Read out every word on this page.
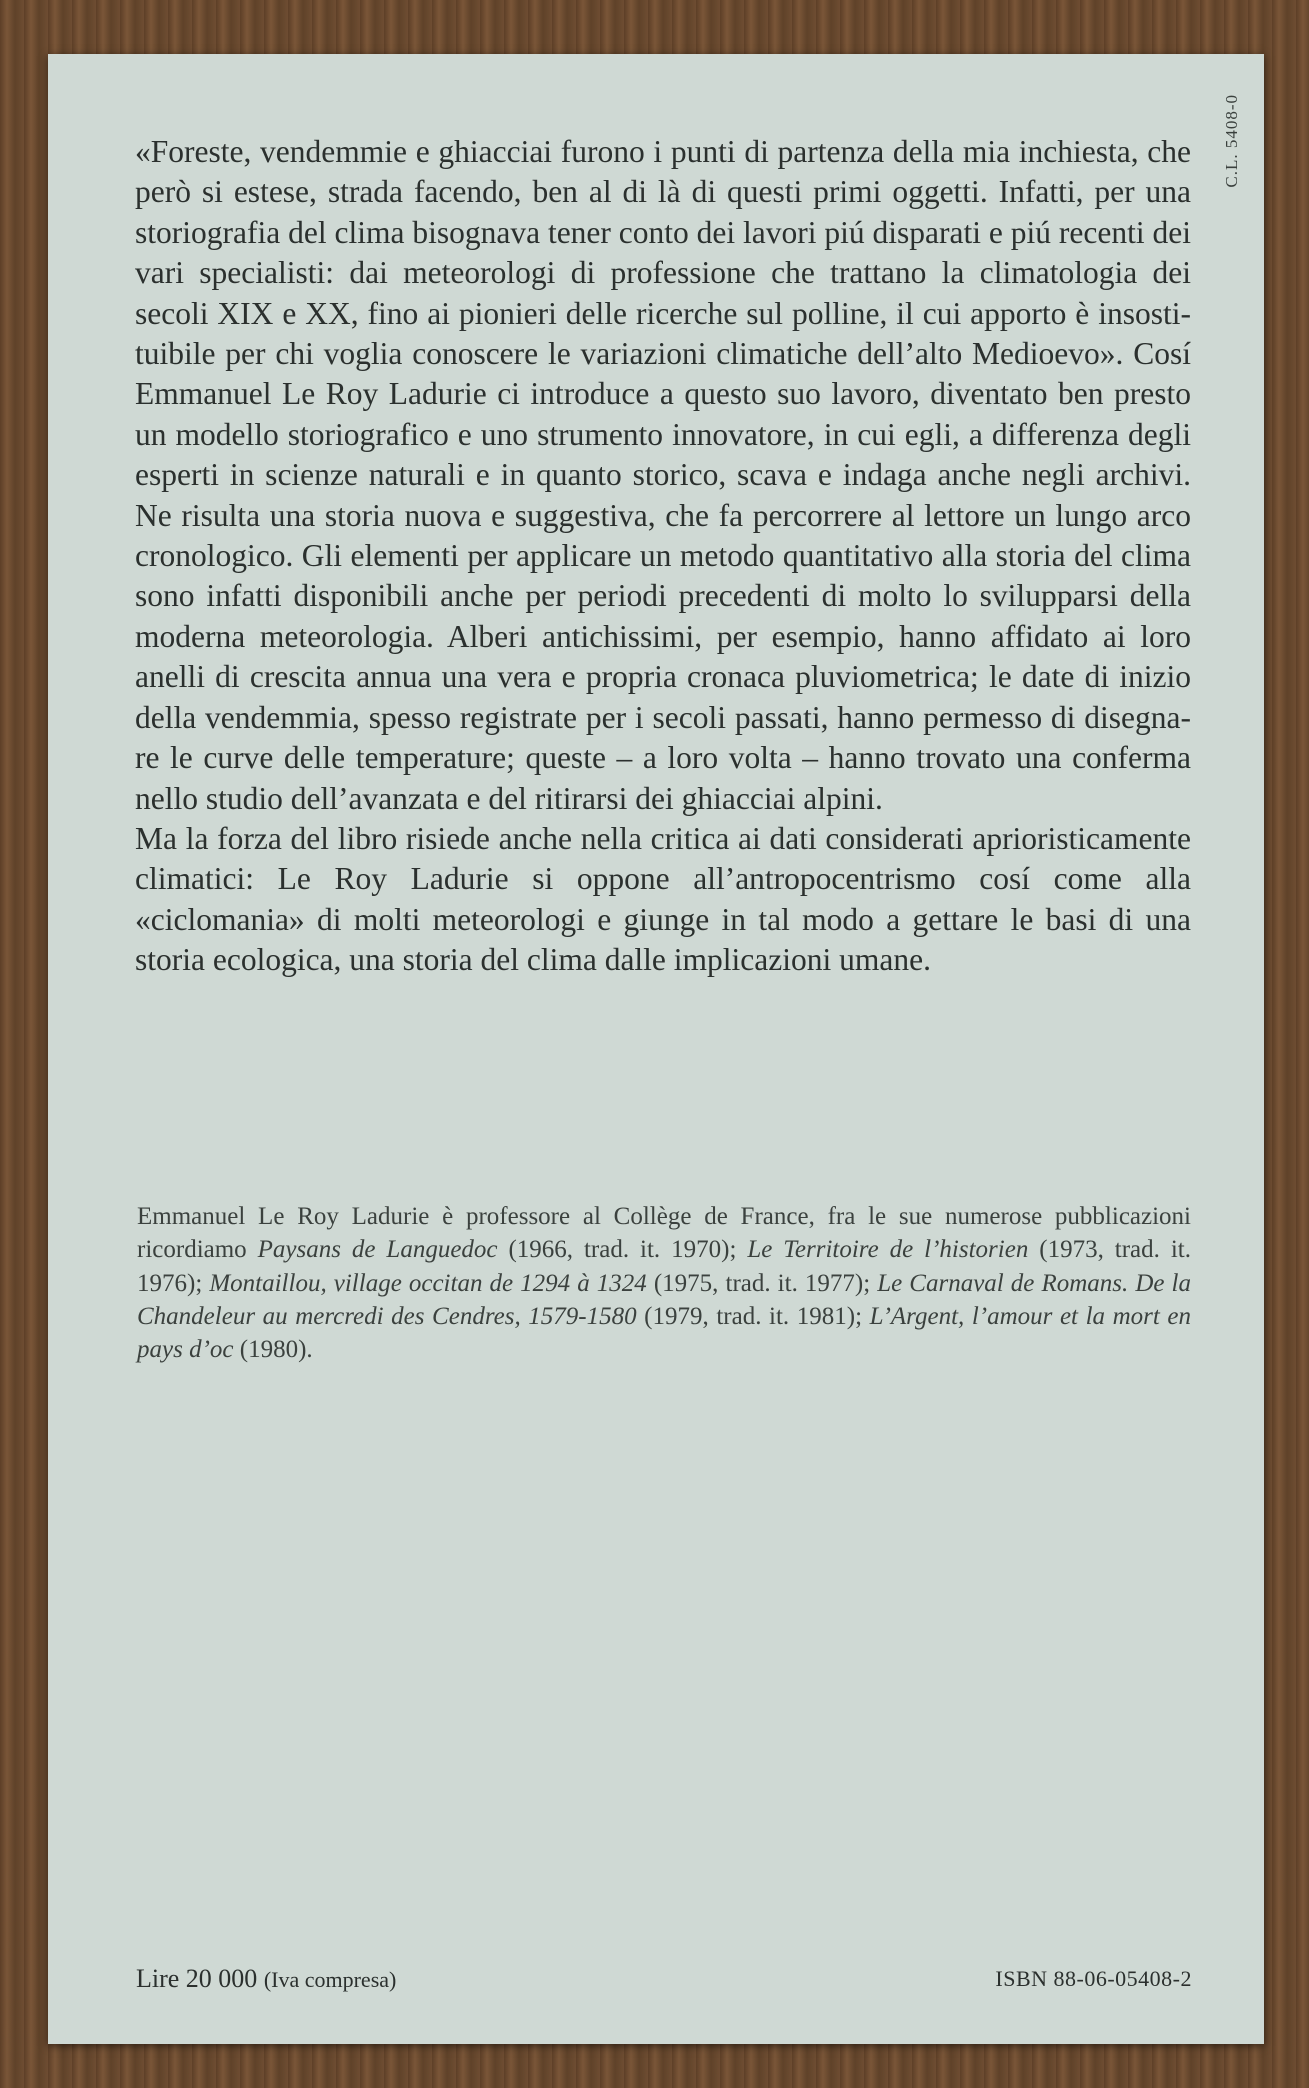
C.L. 5408-0

«Foreste, vendemmie e ghiacciai furono i punti di partenza della mia inchiesta, che però si estese, strada facendo, ben al di là di questi primi oggetti. Infatti, per una storiografia del clima bisognava tener conto dei lavori piú disparati e piú recenti dei vari specialisti: dai meteorologi di professione che trattano la climatologia dei secoli XIX e XX, fino ai pionieri delle ricerche sul polline, il cui apporto è insostituibile per chi voglia conoscere le variazioni climatiche dell’alto Medioevo». Cosí Emmanuel Le Roy Ladurie ci introduce a questo suo lavoro, diventato ben presto un modello storiografico e uno strumento innovatore, in cui egli, a differenza degli esperti in scienze naturali e in quanto storico, scava e indaga anche negli archivi. Ne risulta una storia nuova e suggestiva, che fa percorrere al lettore un lungo arco cronologico. Gli elementi per applicare un metodo quantitativo alla storia del clima sono infatti disponibili anche per periodi precedenti di molto lo svilupparsi della moderna meteorologia. Alberi antichissimi, per esempio, hanno affidato ai loro anelli di crescita annua una vera e propria cronaca pluviometrica; le date di inizio della vendemmia, spesso registrate per i secoli passati, hanno permesso di disegnare le curve delle temperature; queste – a loro volta – hanno trovato una conferma nello studio dell’avanzata e del ritirarsi dei ghiacciai alpini.

Ma la forza del libro risiede anche nella critica ai dati considerati aprioristicamente climatici: Le Roy Ladurie si oppone all’antropocentrismo cosí come alla «ciclomania» di molti meteorologi e giunge in tal modo a gettare le basi di una storia ecologica, una storia del clima dalle implicazioni umane.

Emmanuel Le Roy Ladurie è professore al Collège de France, fra le sue numerose pubblicazioni ricordiamo Paysans de Languedoc (1966, trad. it. 1970); Le Territoire de l’historien (1973, trad. it. 1976); Montaillou, village occitan de 1294 à 1324 (1975, trad. it. 1977); Le Carnaval de Romans. De la Chandeleur au mercredi des Cendres, 1579-1580 (1979, trad. it. 1981); L’Argent, l’amour et la mort en pays d’oc (1980).

Lire 20 000 (Iva compresa)	ISBN 88-06-05408-2
